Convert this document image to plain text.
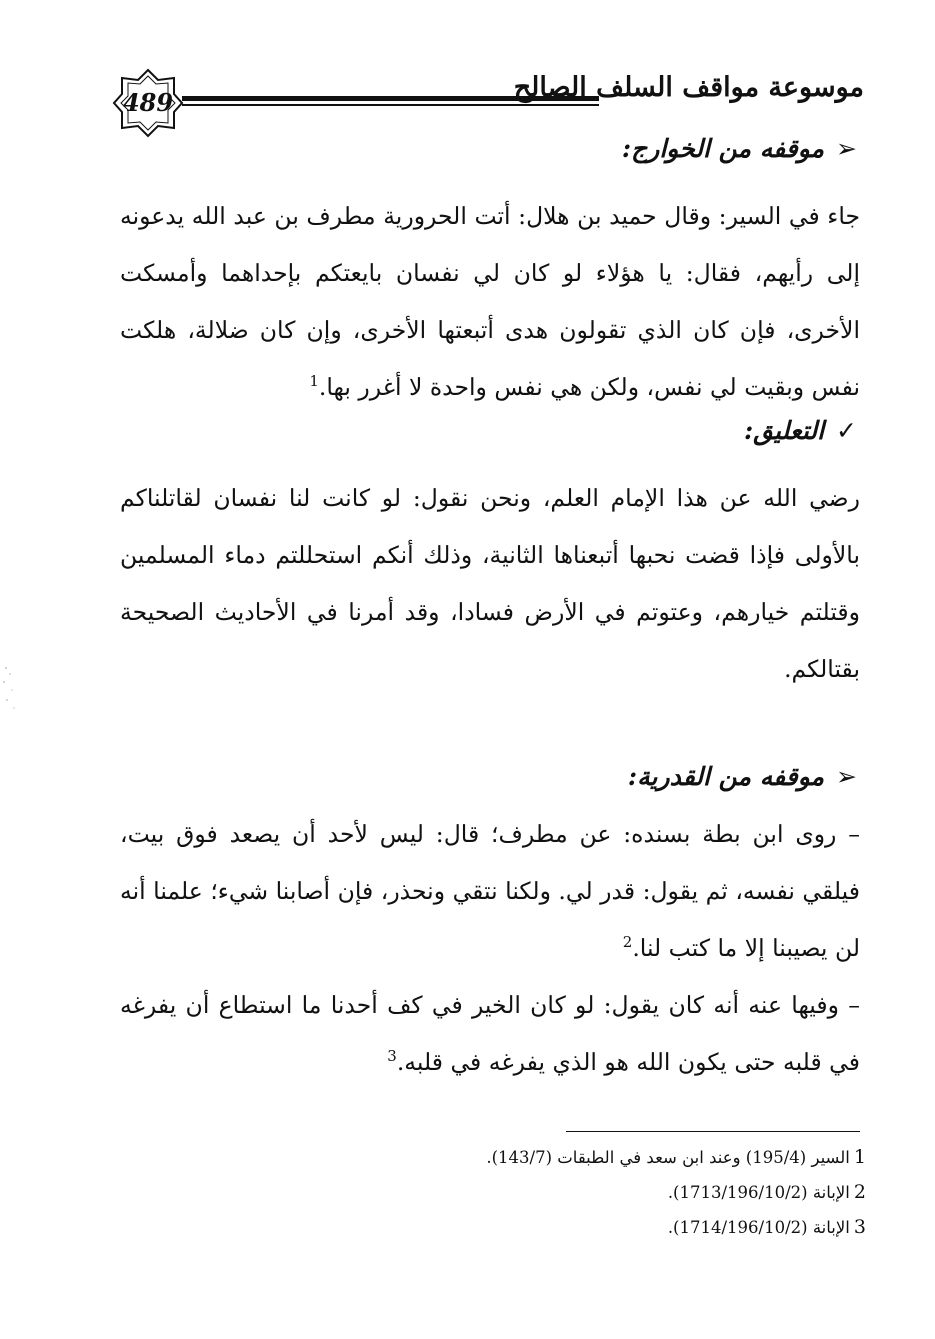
489	موسوعة مواقف السلف الصالح
➢موقفه من الخوارج:

جاء في السير: وقال حميد بن هلال: أتت الحرورية مطرف بن عبد الله يدعونه إلى رأيهم، فقال: يا هؤلاء لو كان لي نفسان بايعتكم بإحداهما وأمسكت الأخرى، فإن كان الذي تقولون هدى أتبعتها الأخرى، وإن كان ضلالة، هلكت نفس وبقيت لي نفس، ولكن هي نفس واحدة لا أغرر بها.$^1$

✓التعليق:

رضي الله عن هذا الإمام العلم، ونحن نقول: لو كانت لنا نفسان لقاتلناكم بالأولى فإذا قضت نحبها أتبعناها الثانية، وذلك أنكم استحللتم دماء المسلمين وقتلتم خيارهم، وعتوتم في الأرض فسادا، وقد أمرنا في الأحاديث الصحيحة بقتالكم.

➢موقفه من القدرية:

– روى ابن بطة بسنده: عن مطرف؛ قال: ليس لأحد أن يصعد فوق بيت، فيلقي نفسه، ثم يقول: قدر لي. ولكنا نتقي ونحذر، فإن أصابنا شيء؛ علمنا أنه لن يصيبنا إلا ما كتب لنا.$^2$

– وفيها عنه أنه كان يقول: لو كان الخير في كف أحدنا ما استطاع أن يفرغه في قلبه حتى يكون الله هو الذي يفرغه في قلبه.$^3$

1السير (195/4) وعند ابن سعد في الطبقات (143/7).
2الإبانة (1713/196/10/2).
3الإبانة (1714/196/10/2).
